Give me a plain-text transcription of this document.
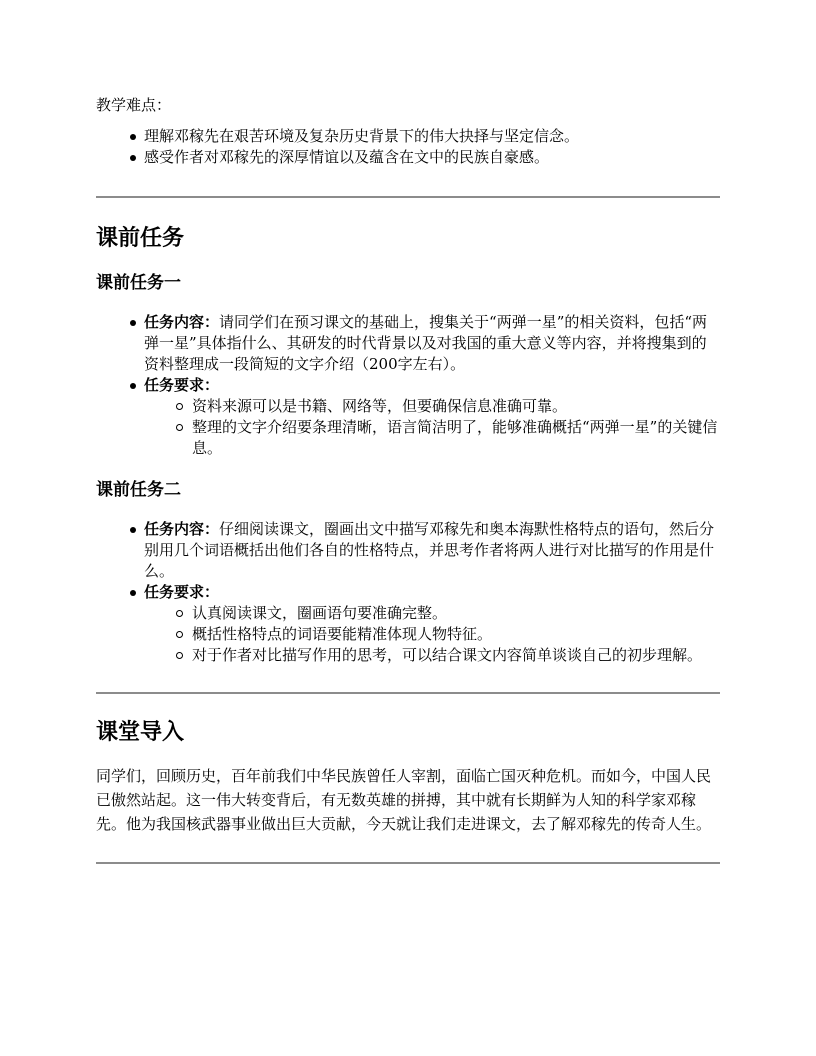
教学难点：

理解邓稼先在艰苦环境及复杂历史背景下的伟大抉择与坚定信念。
感受作者对邓稼先的深厚情谊以及蕴含在文中的民族自豪感。
课前任务
课前任务一
任务内容：请同学们在预习课文的基础上，搜集关于“两弹一星”的相关资料，包括“两弹一星”具体指什么、其研发的时代背景以及对我国的重大意义等内容，并将搜集到的资料整理成一段简短的文字介绍（200字左右）。
任务要求：
资料来源可以是书籍、网络等，但要确保信息准确可靠。
整理的文字介绍要条理清晰，语言简洁明了，能够准确概括“两弹一星”的关键信息。
课前任务二
任务内容：仔细阅读课文，圈画出文中描写邓稼先和奥本海默性格特点的语句，然后分别用几个词语概括出他们各自的性格特点，并思考作者将两人进行对比描写的作用是什么。
任务要求：
认真阅读课文，圈画语句要准确完整。
概括性格特点的词语要能精准体现人物特征。
对于作者对比描写作用的思考，可以结合课文内容简单谈谈自己的初步理解。
课堂导入

同学们，回顾历史，百年前我们中华民族曾任人宰割，面临亡国灭种危机。而如今，中国人民已傲然站起。这一伟大转变背后，有无数英雄的拼搏，其中就有长期鲜为人知的科学家邓稼先。他为我国核武器事业做出巨大贡献，今天就让我们走进课文，去了解邓稼先的传奇人生。
